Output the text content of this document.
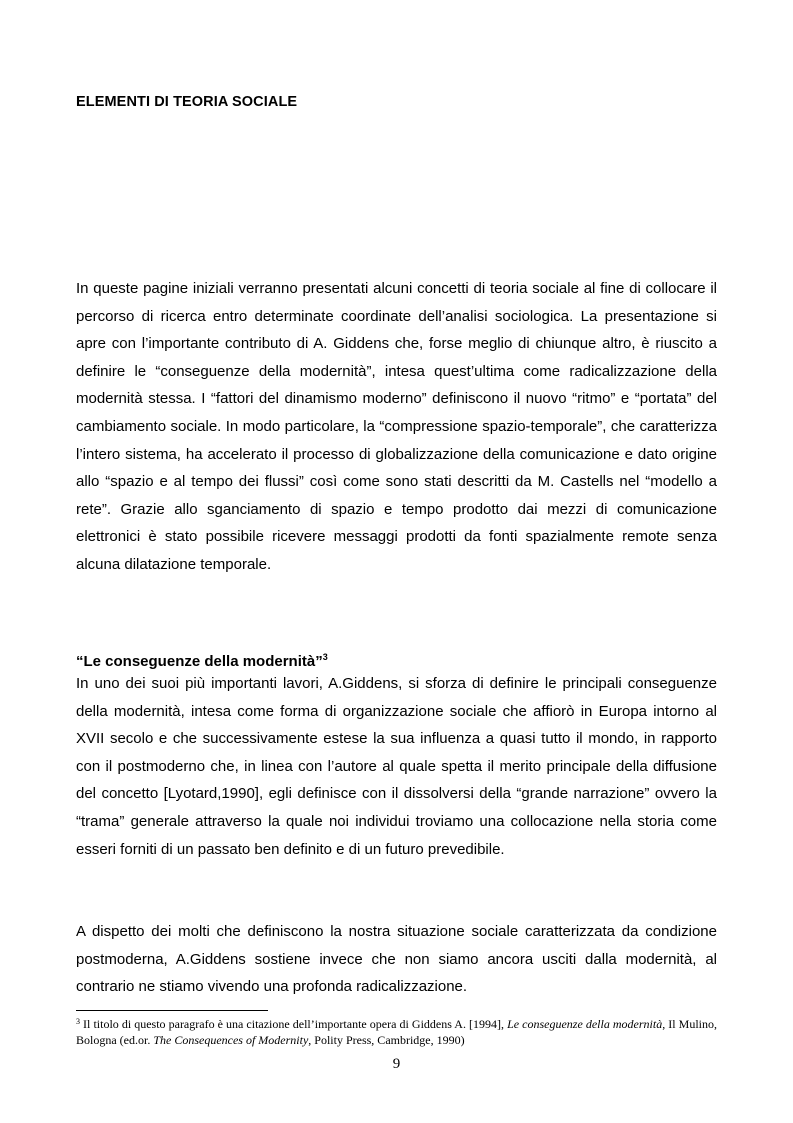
ELEMENTI DI TEORIA SOCIALE

In queste pagine iniziali verranno presentati alcuni concetti di teoria sociale al fine di collocare il percorso di ricerca entro determinate coordinate dell’analisi sociologica. La presentazione si apre con l’importante contributo di A. Giddens che, forse meglio di chiunque altro, è riuscito a definire le “conseguenze della modernità”, intesa quest’ultima come radicalizzazione della modernità stessa. I “fattori del dinamismo moderno” definiscono il nuovo “ritmo” e “portata” del cambiamento sociale. In modo particolare, la “compressione spazio-temporale”, che caratterizza l’intero sistema, ha accelerato il processo di globalizzazione della comunicazione e dato origine allo “spazio e al tempo dei flussi” così come sono stati descritti da M. Castells nel “modello a rete”. Grazie allo sganciamento di spazio e tempo prodotto dai mezzi di comunicazione elettronici è stato possibile ricevere messaggi prodotti da fonti spazialmente remote senza alcuna dilatazione temporale.

“Le conseguenze della modernità”$^3$

In uno dei suoi più importanti lavori, A.Giddens, si sforza di definire le principali conseguenze della modernità, intesa come forma di organizzazione sociale che affiorò in Europa intorno al XVII secolo e che successivamente estese la sua influenza a quasi tutto il mondo, in rapporto con il postmoderno che, in linea con l’autore al quale spetta il merito principale della diffusione del concetto [Lyotard,1990], egli definisce con il dissolversi della “grande narrazione” ovvero la “trama” generale attraverso la quale noi individui troviamo una collocazione nella storia come esseri forniti di un passato ben definito e di un futuro prevedibile.

A dispetto dei molti che definiscono la nostra situazione sociale caratterizzata da condizione postmoderna, A.Giddens sostiene invece che non siamo ancora usciti dalla modernità, al contrario ne stiamo vivendo una profonda radicalizzazione.

$^3$ Il titolo di questo paragrafo è una citazione dell’importante opera di Giddens A. [1994], Le conseguenze della modernità, Il Mulino, Bologna (ed.or. The Consequences of Modernity, Polity Press, Cambridge, 1990)

9
